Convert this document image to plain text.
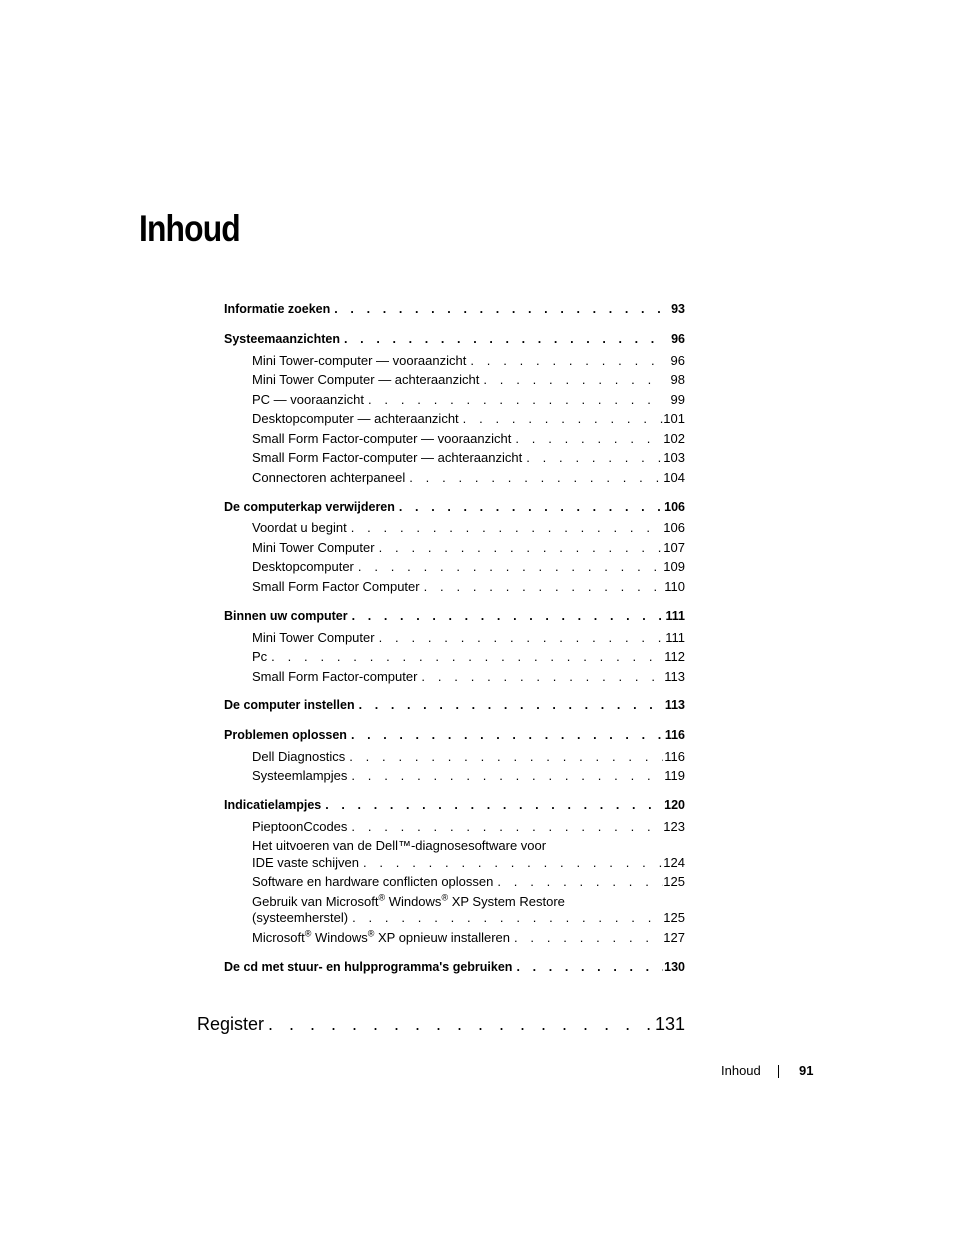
Inhoud
Informatie zoeken . . .	93
Systeemaanzichten . . .	96
Mini Tower-computer — vooraanzicht . . .	96
Mini Tower Computer — achteraanzicht . . .	98
PC — vooraanzicht . . .	99
Desktopcomputer — achteraanzicht . . .	101
Small Form Factor-computer — vooraanzicht . . .	102
Small Form Factor-computer — achteraanzicht . . .	103
Connectoren achterpaneel . . .	104
De computerkap verwijderen . . .	106
Voordat u begint . . .	106
Mini Tower Computer . . .	107
Desktopcomputer . . .	109
Small Form Factor Computer . . .	110
Binnen uw computer . . .	111
Mini Tower Computer . . .	111
Pc . . .	112
Small Form Factor-computer . . .	113
De computer instellen . . .	113
Problemen oplossen . . .	116
Dell Diagnostics . . .	116
Systeemlampjes . . .	119
Indicatielampjes . . .	120
PieptoonCcodes . . .	123
Het uitvoeren van de Dell™-diagnosesoftware voor
IDE vaste schijven . . .	124
Software en hardware conflicten oplossen . . .	125
Gebruik van Microsoft® Windows® XP System Restore
(systeemherstel) . . .	125
Microsoft® Windows® XP opnieuw installeren . . .	127
De cd met stuur- en hulpprogramma's gebruiken . . .	130
Register . . .	131
Inhoud	91
